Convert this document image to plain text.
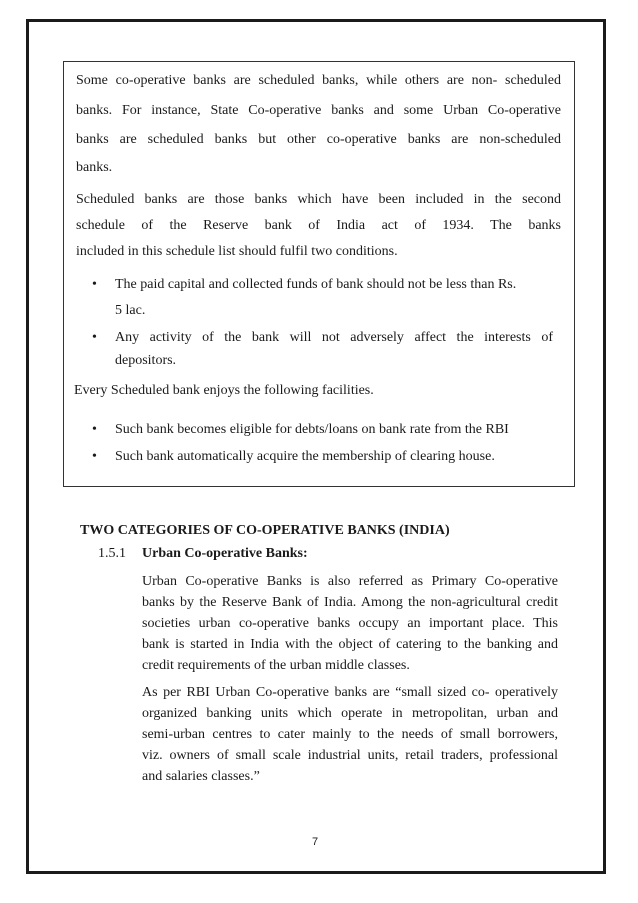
Some co-operative banks are scheduled banks, while others are non- scheduled
banks. For instance, State Co-operative banks and some Urban Co-operative
banks are scheduled banks but other co-operative banks are non-scheduled
banks.
Scheduled banks are those banks which have been included in the second
schedule of the Reserve bank of India act of 1934. The banks
included in this schedule list should fulfil two conditions.
• The paid capital and collected funds of bank should not be less than Rs.
5 lac.
• Any activity of the bank will not adversely affect the interests of
depositors.
Every Scheduled bank enjoys the following facilities.
• Such bank becomes eligible for debts/loans on bank rate from the RBI
• Such bank automatically acquire the membership of clearing house.
TWO CATEGORIES OF CO-OPERATIVE BANKS (INDIA)
1.5.1 Urban Co-operative Banks:
Urban Co-operative Banks is also referred as Primary Co-operative
banks by the Reserve Bank of India. Among the non-agricultural credit
societies urban co-operative banks occupy an important place. This
bank is started in India with the object of catering to the banking and
credit requirements of the urban middle classes.
As per RBI Urban Co-operative banks are “small sized co- operatively
organized banking units which operate in metropolitan, urban and
semi-urban centres to cater mainly to the needs of small borrowers,
viz. owners of small scale industrial units, retail traders, professional
and salaries classes.”
7
